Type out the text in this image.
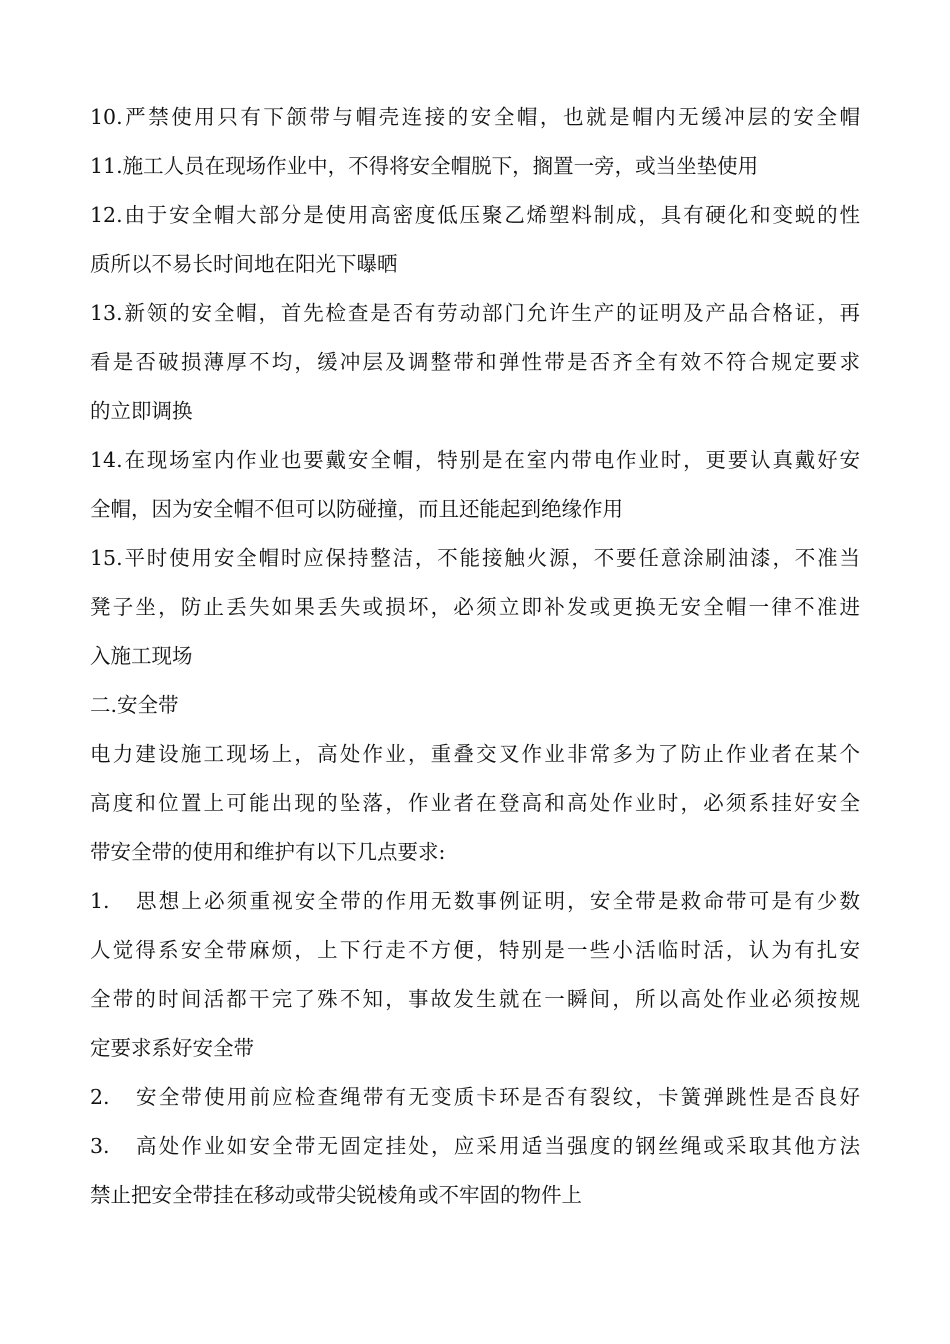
10.严禁使用只有下颌带与帽壳连接的安全帽，也就是帽内无缓冲层的安全帽
11.施工人员在现场作业中，不得将安全帽脱下，搁置一旁，或当坐垫使用
12.由于安全帽大部分是使用高密度低压聚乙烯塑料制成，具有硬化和变蜕的性
质所以不易长时间地在阳光下曝晒
13.新领的安全帽，首先检查是否有劳动部门允许生产的证明及产品合格证，再
看是否破损薄厚不均，缓冲层及调整带和弹性带是否齐全有效不符合规定要求
的立即调换
14.在现场室内作业也要戴安全帽，特别是在室内带电作业时，更要认真戴好安
全帽，因为安全帽不但可以防碰撞，而且还能起到绝缘作用
15.平时使用安全帽时应保持整洁，不能接触火源，不要任意涂刷油漆，不准当
凳子坐，防止丢失如果丢失或损坏，必须立即补发或更换无安全帽一律不准进
入施工现场
二.安全带
电力建设施工现场上，高处作业，重叠交叉作业非常多为了防止作业者在某个
高度和位置上可能出现的坠落，作业者在登高和高处作业时，必须系挂好安全
带安全带的使用和维护有以下几点要求:
1. 思想上必须重视安全带的作用无数事例证明，安全带是救命带可是有少数
人觉得系安全带麻烦，上下行走不方便，特别是一些小活临时活，认为有扎安
全带的时间活都干完了殊不知，事故发生就在一瞬间，所以高处作业必须按规
定要求系好安全带
2. 安全带使用前应检查绳带有无变质卡环是否有裂纹，卡簧弹跳性是否良好
3. 高处作业如安全带无固定挂处，应采用适当强度的钢丝绳或采取其他方法
禁止把安全带挂在移动或带尖锐棱角或不牢固的物件上
